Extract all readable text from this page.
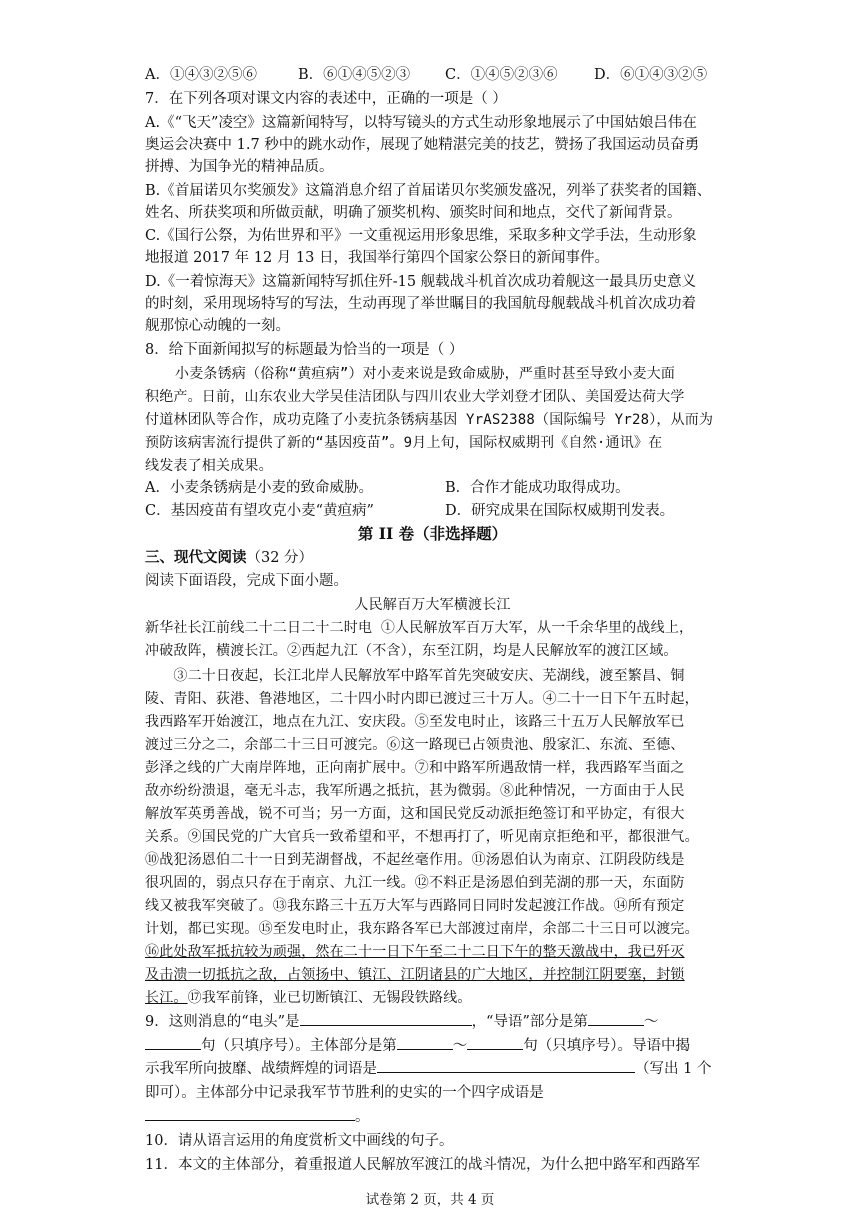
A．①④③②⑤⑥	B．⑥①④⑤②③ C．①④⑤②③⑥	D．⑥①④③②⑤
7．在下列各项对课文内容的表述中，正确的一项是（ ）
A.《“飞天”凌空》这篇新闻特写，以特写镜头的方式生动形象地展示了中国姑娘吕伟在
奥运会决赛中 1.7 秒中的跳水动作，展现了她精湛完美的技艺，赞扬了我国运动员奋勇
拼搏、为国争光的精神品质。
B.《首届诺贝尔奖颁发》这篇消息介绍了首届诺贝尔奖颁发盛况，列举了获奖者的国籍、
姓名、所获奖项和所做贡献，明确了颁奖机构、颁奖时间和地点，交代了新闻背景。
C.《国行公祭，为佑世界和平》一文重视运用形象思维，采取多种文学手法，生动形象
地报道 2017 年 12 月 13 日，我国举行第四个国家公祭日的新闻事件。
D.《一着惊海天》这篇新闻特写抓住歼-15 舰载战斗机首次成功着舰这一最具历史意义
的时刻，采用现场特写的写法，生动再现了举世瞩目的我国航母舰载战斗机首次成功着
舰那惊心动魄的一刻。
8．给下面新闻拟写的标题最为恰当的一项是（ ）
小麦条锈病（俗称“黄疸病”）对小麦来说是致命威胁，严重时甚至导致小麦大面
积绝产。日前，山东农业大学吴佳洁团队与四川农业大学刘登才团队、美国爱达荷大学
付道林团队等合作，成功克隆了小麦抗条锈病基因 YrAS2388（国际编号 Yr28），从而为
预防该病害流行提供了新的“基因疫苗”。9月上旬，国际权威期刊《自然·通讯》在
线发表了相关成果。
A．小麦条锈病是小麦的致命威胁。	B．合作才能成功取得成功。
C．基因疫苗有望攻克小麦“黄疸病”	D．研究成果在国际权威期刊发表。
第 II 卷（非选择题）
三、现代文阅读（32 分）
阅读下面语段，完成下面小题。
人民解百万大军横渡长江
新华社长江前线二十二日二十二时电 ①人民解放军百万大军，从一千余华里的战线上，
冲破敌阵，横渡长江。②西起九江（不含），东至江阴，均是人民解放军的渡江区域。
　　③二十日夜起，长江北岸人民解放军中路军首先突破安庆、芜湖线，渡至繁昌、铜
陵、青阳、荻港、鲁港地区，二十四小时内即已渡过三十万人。④二十一日下午五时起，
我西路军开始渡江，地点在九江、安庆段。⑤至发电时止，该路三十五万人民解放军已
渡过三分之二，余部二十三日可渡完。⑥这一路现已占领贵池、殷家汇、东流、至德、
彭泽之线的广大南岸阵地，正向南扩展中。⑦和中路军所遇敌情一样，我西路军当面之
敌亦纷纷溃退，毫无斗志，我军所遇之抵抗，甚为微弱。⑧此种情况，一方面由于人民
解放军英勇善战，锐不可当；另一方面，这和国民党反动派拒绝签订和平协定，有很大
关系。⑨国民党的广大官兵一致希望和平，不想再打了，听见南京拒绝和平，都很泄气。
⑩战犯汤恩伯二十一日到芜湖督战，不起丝毫作用。⑪汤恩伯认为南京、江阴段防线是
很巩固的，弱点只存在于南京、九江一线。⑫不料正是汤恩伯到芜湖的那一天，东面防
线又被我军突破了。⑬我东路三十五万大军与西路同日同时发起渡江作战。⑭所有预定
计划，都已实现。⑮至发电时止，我东路各军已大部渡过南岸，余部二十三日可以渡完。
⑯此处敌军抵抗较为顽强，然在二十一日下午至二十二日下午的整天激战中，我已歼灭
及击溃一切抵抗之敌，占领扬中、镇江、江阴诸县的广大地区，并控制江阴要塞，封锁
长江。⑰我军前锋，业已切断镇江、无锡段铁路线。
9．这则消息的“电头”是	，“导语”部分是第	～
句（只填序号）。主体部分是第	～	句（只填序号）。导语中揭
示我军所向披靡、战绩辉煌的词语是	（写出 1 个
即可）。主体部分中记录我军节节胜利的史实的一个四字成语是
。
10．请从语言运用的角度赏析文中画线的句子。
11．本文的主体部分，着重报道人民解放军渡江的战斗情况，为什么把中路军和西路军
试卷第 2 页，共 4 页
